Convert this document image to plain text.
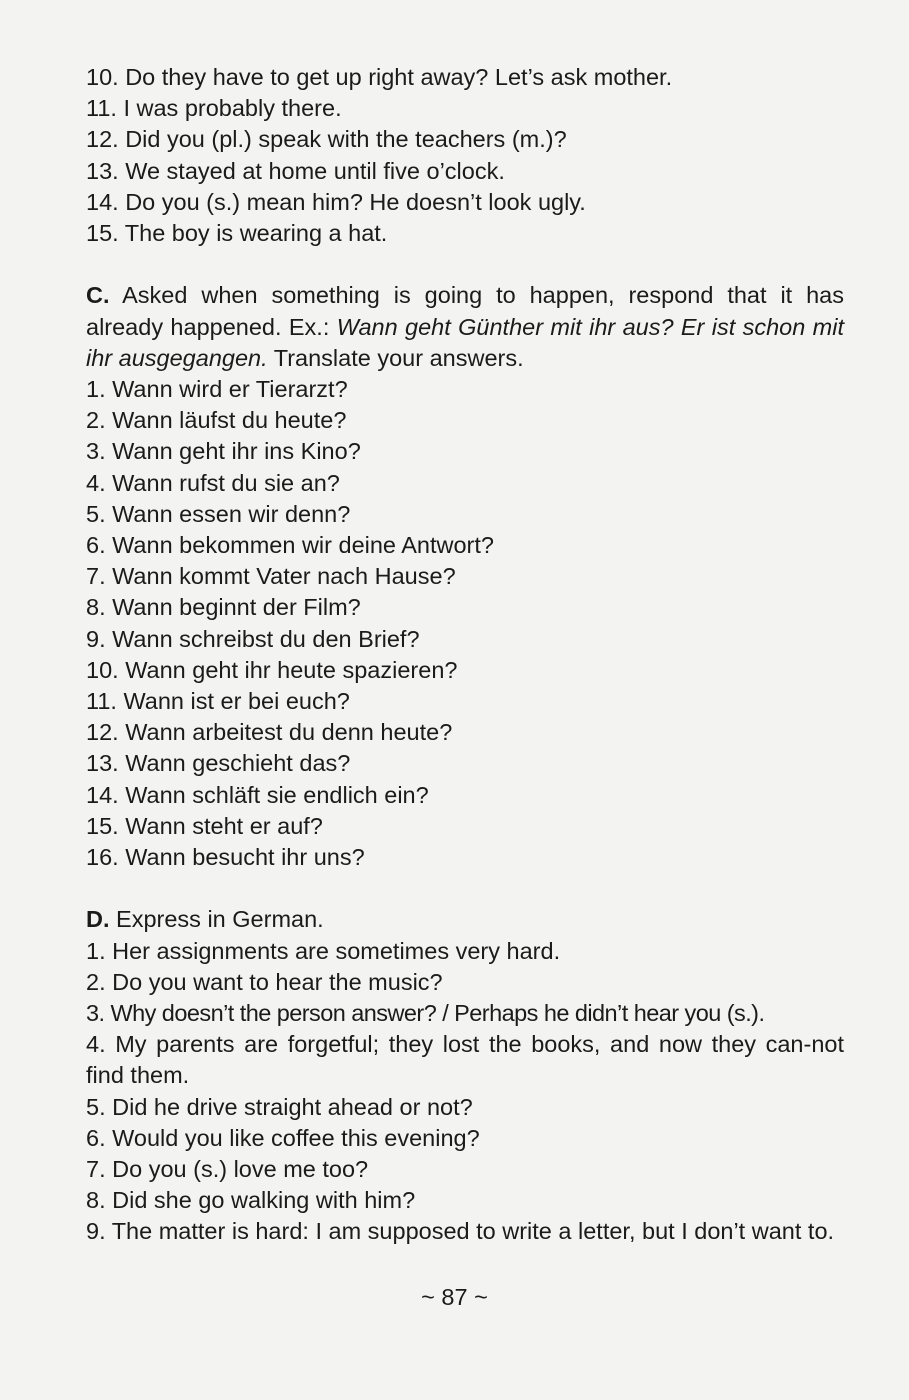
10. Do they have to get up right away? Let’s ask mother.
11. I was probably there.
12. Did you (pl.) speak with the teachers (m.)?
13. We stayed at home until five o’clock.
14. Do you (s.) mean him? He doesn’t look ugly.
15. The boy is wearing a hat.
C. Asked when something is going to happen, respond that it has already happened. Ex.: Wann geht Günther mit ihr aus? Er ist schon mit ihr ausgegangen. Translate your answers.
1. Wann wird er Tierarzt?
2. Wann läufst du heute?
3. Wann geht ihr ins Kino?
4. Wann rufst du sie an?
5. Wann essen wir denn?
6. Wann bekommen wir deine Antwort?
7. Wann kommt Vater nach Hause?
8. Wann beginnt der Film?
9. Wann schreibst du den Brief?
10. Wann geht ihr heute spazieren?
11. Wann ist er bei euch?
12. Wann arbeitest du denn heute?
13. Wann geschieht das?
14. Wann schläft sie endlich ein?
15. Wann steht er auf?
16. Wann besucht ihr uns?
D. Express in German.
1. Her assignments are sometimes very hard.
2. Do you want to hear the music?
3. Why doesn’t the person answer? / Perhaps he didn’t hear you (s.).
4. My parents are forgetful; they lost the books, and now they can-not find them.
5. Did he drive straight ahead or not?
6. Would you like coffee this evening?
7. Do you (s.) love me too?
8. Did she go walking with him?
9. The matter is hard: I am supposed to write a letter, but I don’t want to.
~ 87 ~
